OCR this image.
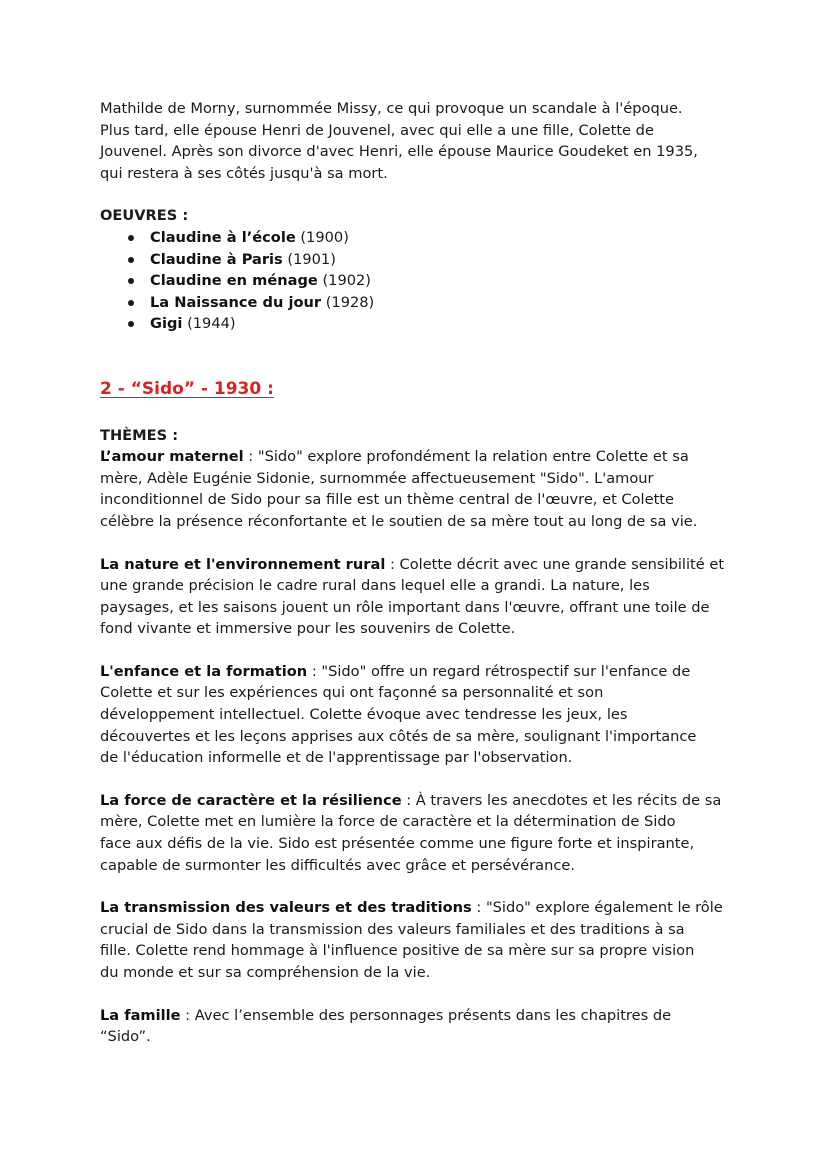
Mathilde de Morny, surnommée Missy, ce qui provoque un scandale à l'époque.
Plus tard, elle épouse Henri de Jouvenel, avec qui elle a une fille, Colette de
Jouvenel. Après son divorce d'avec Henri, elle épouse Maurice Goudeket en 1935,
qui restera à ses côtés jusqu'à sa mort.

OEUVRES :

Claudine à l’école (1900)
Claudine à Paris (1901)
Claudine en ménage (1902)
La Naissance du jour (1928)
Gigi (1944)

2 - “Sido” - 1930 :

THÈMES :

L’amour maternel : "Sido" explore profondément la relation entre Colette et sa
mère, Adèle Eugénie Sidonie, surnommée affectueusement "Sido". L'amour
inconditionnel de Sido pour sa fille est un thème central de l'œuvre, et Colette
célèbre la présence réconfortante et le soutien de sa mère tout au long de sa vie.

La nature et l'environnement rural : Colette décrit avec une grande sensibilité et
une grande précision le cadre rural dans lequel elle a grandi. La nature, les
paysages, et les saisons jouent un rôle important dans l'œuvre, offrant une toile de
fond vivante et immersive pour les souvenirs de Colette.

L'enfance et la formation : "Sido" offre un regard rétrospectif sur l'enfance de
Colette et sur les expériences qui ont façonné sa personnalité et son
développement intellectuel. Colette évoque avec tendresse les jeux, les
découvertes et les leçons apprises aux côtés de sa mère, soulignant l'importance
de l'éducation informelle et de l'apprentissage par l'observation.

La force de caractère et la résilience : À travers les anecdotes et les récits de sa
mère, Colette met en lumière la force de caractère et la détermination de Sido
face aux défis de la vie. Sido est présentée comme une figure forte et inspirante,
capable de surmonter les difficultés avec grâce et persévérance.

La transmission des valeurs et des traditions : "Sido" explore également le rôle
crucial de Sido dans la transmission des valeurs familiales et des traditions à sa
fille. Colette rend hommage à l'influence positive de sa mère sur sa propre vision
du monde et sur sa compréhension de la vie.

La famille : Avec l’ensemble des personnages présents dans les chapitres de
“Sido”.
